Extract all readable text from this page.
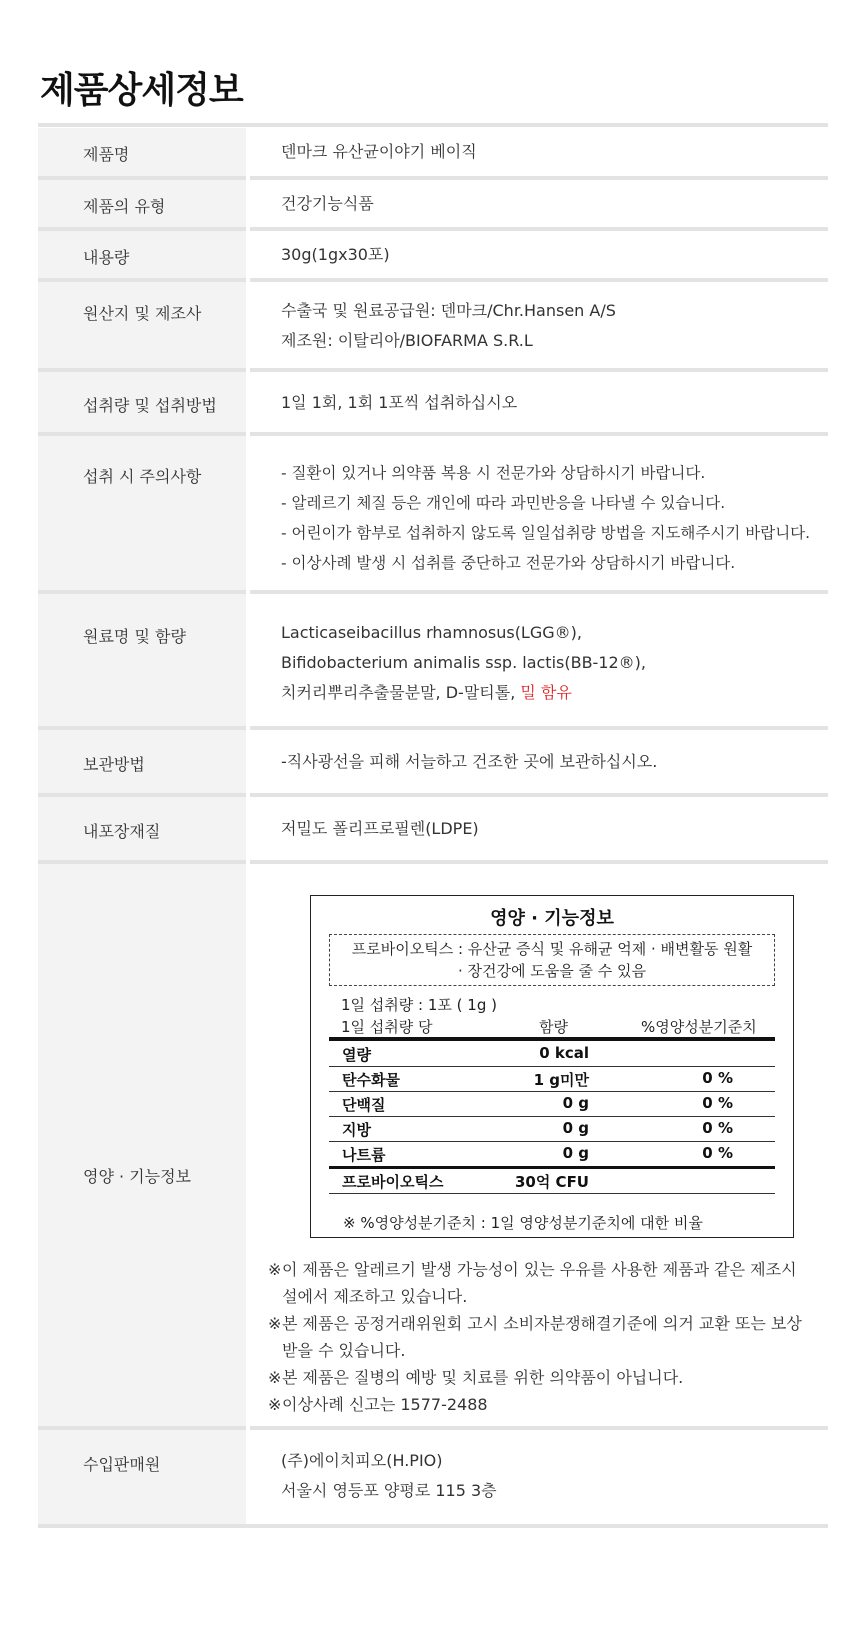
제품상세정보
제품명	덴마크 유산균이야기 베이직
제품의 유형	건강기능식품
내용량	30g(1gx30포)
원산지 및 제조사	수출국 및 원료공급원: 덴마크/Chr.Hansen A/S

제조원: 이탈리아/BIOFARMA S.R.L

섭취량 및 섭취방법	1일 1회, 1회 1포씩 섭취하십시오
섭취 시 주의사항	- 질환이 있거나 의약품 복용 시 전문가와 상담하시기 바랍니다.

- 알레르기 체질 등은 개인에 따라 과민반응을 나타낼 수 있습니다.

- 어린이가 함부로 섭취하지 않도록 일일섭취량 방법을 지도해주시기 바랍니다.

- 이상사례 발생 시 섭취를 중단하고 전문가와 상담하시기 바랍니다.

원료명 및 함량	Lacticaseibacillus rhamnosus(LGG®),

Bifidobacterium animalis ssp. lactis(BB-12®),

치커리뿌리추출물분말, D-말티톨, 밀 함유

보관방법	-직사광선을 피해 서늘하고 건조한 곳에 보관하십시오.
내포장재질	저밀도 폴리프로필렌(LDPE)
영양 · 기능정보
영양 · 기능정보

프로바이오틱스 : 유산균 증식 및 유해균 억제 · 배변활동 원활

· 장건강에 도움을 줄 수 있음

1일 섭취량 : 1포 ( 1g )
1일 섭취량 당	함량	%영양성분기준치
열량	0 kcal
탄수화물	1 g미만	0 %
단백질	0 g	0 %
지방	0 g	0 %
나트륨	0 g	0 %
프로바이오틱스	30억 CFU
※ %영양성분기준치 : 1일 영양성분기준치에 대한 비율

※ 이 제품은 알레르기 발생 가능성이 있는 우유를 사용한 제품과 같은 제조시설에서 제조하고 있습니다.

※ 본 제품은 공정거래위원회 고시 소비자분쟁해결기준에 의거 교환 또는 보상받을 수 있습니다.

※ 본 제품은 질병의 예방 및 치료를 위한 의약품이 아닙니다.

※ 이상사례 신고는 1577-2488

수입판매원	(주)에이치피오(H.PIO)

서울시 영등포 양평로 115 3층
